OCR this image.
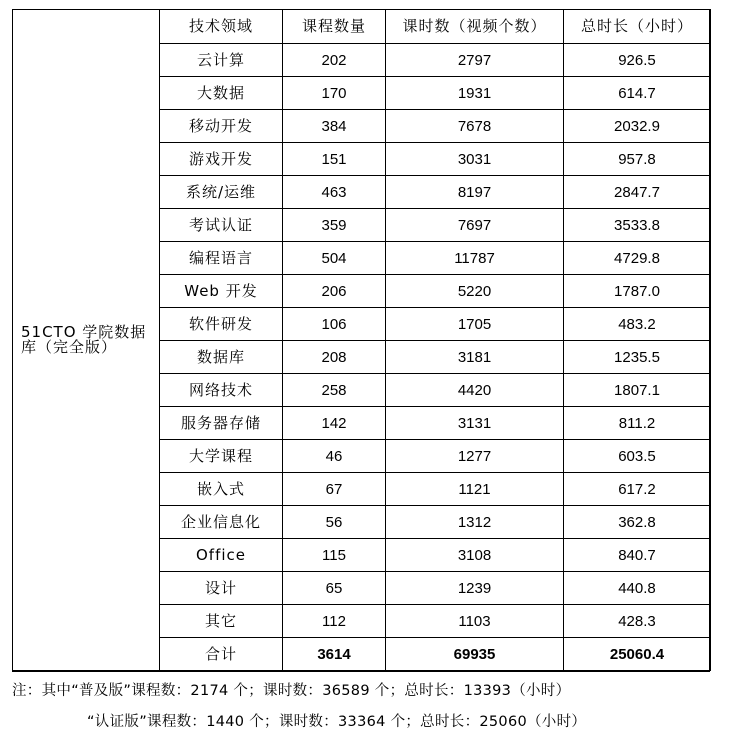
51CTO 学院数据库（完全版）	技术领域	课程数量	课时数（视频个数）	总时长（小时）
	云计算	202	2797	926.5
	大数据	170	1931	614.7
	移动开发	384	7678	2032.9
	游戏开发	151	3031	957.8
	系统/运维	463	8197	2847.7
	考试认证	359	7697	3533.8
	编程语言	504	11787	4729.8
	Web 开发	206	5220	1787.0
	软件研发	106	1705	483.2
	数据库	208	3181	1235.5
	网络技术	258	4420	1807.1
	服务器存储	142	3131	811.2
	大学课程	46	1277	603.5
	嵌入式	67	1121	617.2
	企业信息化	56	1312	362.8
	Office	115	3108	840.7
	设计	65	1239	440.8
	其它	112	1103	428.3
	合计	3614	69935	25060.4
注：其中“普及版”课程数：2174 个；课时数：36589 个；总时长：13393（小时）
“认证版”课程数：1440 个；课时数：33364 个；总时长：25060（小时）
